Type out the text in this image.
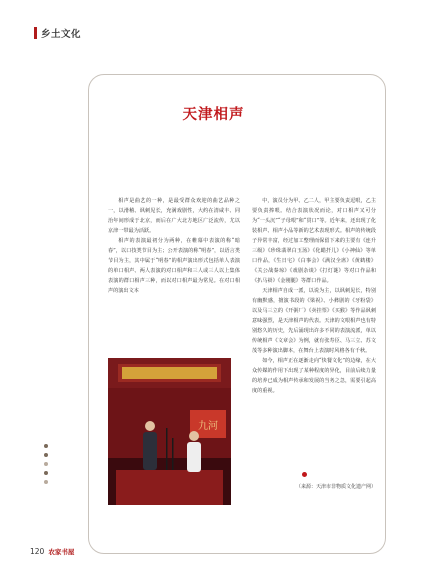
乡土文化
天津相声

相声是曲艺的一种，是最受群众欢迎的曲艺品种之一，以滑稽、讽刺见长，充满戏剧性，大约在清咸丰、同治年间形成于北京，而后在广大北方地区广泛流传，尤以京津一带最为活跃。

相声的表演最初分为两种，在帷幕中表演的称“暗春”，以口技类节目为主；公开表演的称“明春”，以语言类节目为主，其中属于“明春”的相声演出形式包括单人表演的单口相声、两人表演的对口相声和三人或三人以上集体表演的群口相声三种，而以对口相声最为常见。在对口相声的演出文本

中，演员分为甲、乙二人，甲主要负责逗哏，乙主要负责捧哏。结合表演状况而论，对口相声又可分为“一头沉”“子母哏”和“贯口”等。近年来，还出现了化装相声、相声小品等新的艺术表现形式。相声的传统段子异常丰富，经过加工整理而保留下来的主要有《连升三级》《珍珠翡翠白玉汤》《化蜡扦儿》《小神仙》等单口作品，《生日宅》《白事会》《满汉全席》《黄鹤楼》《关公战秦琼》《戏剧杂谈》《打灯谜》等对口作品和《扒马褂》《金刚腿》等群口作品。

天津相声自成一派，以说为主，以讽刺见长，特别有幽默感，擅演书段的《梁祝》、小彝剧的《牙粉袋》以及马三立的《开粥厂》《卖挂票》《买猴》等作品讽刺意味强烈，是天津相声的代表。天津的文哏相声也有特别悠久的历史，先后涌现出许多不同的表演流派，单以传统相声《文章会》为例，就有张寿臣、马三立、苏文茂等多种演出脚本，在舞台上表演时风格各有千秋。

如今，相声正在逐渐走向“快餐文化”的边缘，在大众传媒的作用下出现了某种程度的异化，目前后续力量的培养已成为相声传承和发展的当务之急，需要引起高度的重视。

九河
（来源：天津市非物质文化遗产网）
120 农家书屋
